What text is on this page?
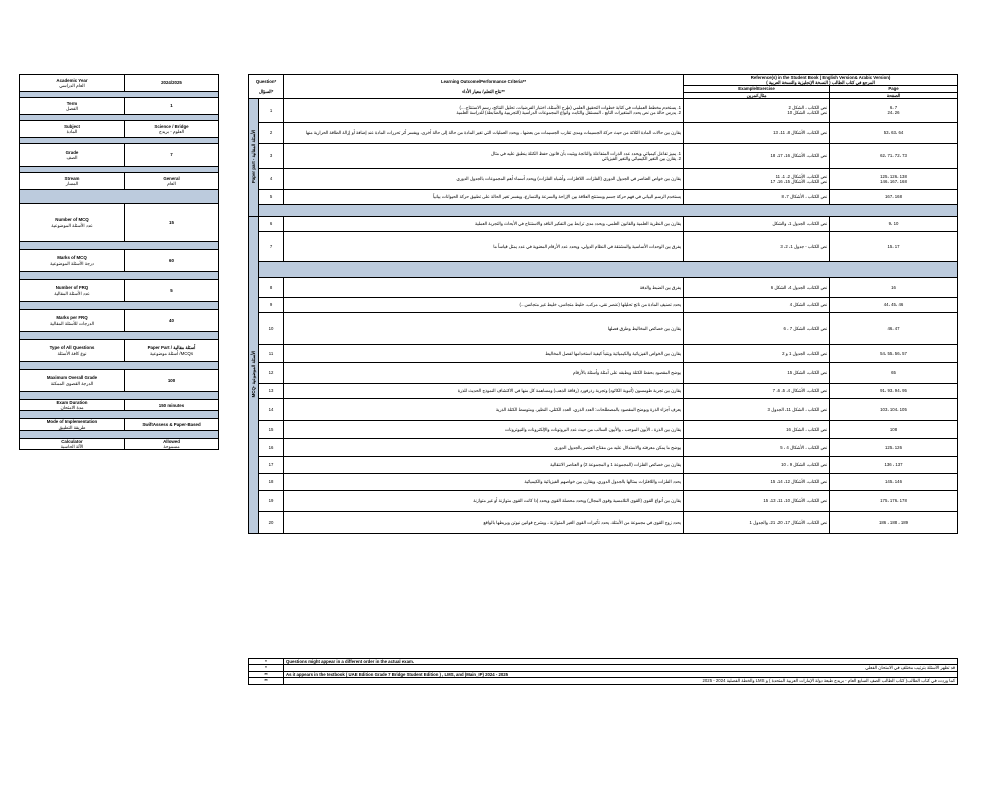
Academic Year
العام الدراسي	2024/2025

Term
الفصل	1

Subject
المادة	Science / Bridge
العلوم - بريدج

Grade
الصف	7

Stream
المسار	General
العام

Number of MCQ
عدد الأسئلة الموضوعية	15

Marks of MCQ
درجة الأسئلة الموضوعية	60

Number of FRQ
عدد الأسئلة المقالية	5

Marks per FRQ
الدرجات للأسئلة المقالية	40

Type of All Questions
نوع كافة الأسئلة	Paper Part / أسئلة مقالية
MCQs/ أسئلة موضوعية

Maximum Overall Grade
الدرجة القصوى الممكنة	100

Exam Duration
مدة الامتحان	150 minutes

Mode of Implementation
طريقة التطبيق	SwiftAssess & Paper-Based

Calculator
الآلة الحاسبة	Allowed
مسموحة
Question*

السؤال*		Learning Outcome/Performance Criteria**

نتاج التعلم/ معيار الأداء**	Reference(s) in the Student Book ( English Version& Arabic Version)
المرجع في كتاب الطالب ( النسخة الإنجليزية والنسخة العربية )	
			Example/Exercise	Page
			مثال/تمرين	الصفحة
Paper part - الأسئلة المقالية	1	1. يستخدم مخطط العمليات في كتابة خطوات التحقيق العلمي (طرح الأسئلة، اختبار الفرضيات، تحليل النتائج، رسم الاستنتاج....)
2. يدرس حالة من نص يحدد المتغيرات التابع ، المستقل والثابت وأنواع المجموعات الدراسية (التجريبية والضابطة) للدراسة العلمية	نص الكتاب ، الشكل 2
نص الكتاب، الشكل 10	6، 7
24، 26
	2	يقارن بين حالات المادة الثلاثة من حيث حركة الجسيمات ومدى تقارب الجسيمات من بعضها ، ويحدد العمليات التي تغير المادة من حالة إلى حالة أخرى، ويفسر أثر تحررات المادة عند إضافة أو إزالة الطاقة الحرارية منها	نص الكتاب، الأشكال 8، 11، 13	53، 63، 64
	3	1. يميز تفاعل كيميائي ويحدد عدد الذرات المتفاعلة والناتجة ويثبت بأن قانون حفظ الكتلة ينطبق عليه في مثال
2. يقارن بين التغير الكيميائي والتغير الفيزيائي	نص الكتاب، الأشكال 16، 17، 18	62، 71، 72، 73
	4	يقارن بين خواص العناصر في الجدول الدوري (الفلزات، اللافلزات، وأشباه الفلزات) ويحدد أسماء أهم المجموعات بالجدول الدوري	نص الكتاب، الأشكال 2، 1، 11
نص الكتاب، الأشكال 15، 16، 17	125، 126، 138
146، 167، 168
	5	يستخدم الرسم البياني في فهم حركة جسم ويستنتج العلاقة بين الإزاحة والسرعة والتسارع، ويفسر تغير الحالة على تطبيق حركة الحيوانات بيانياً	نص الكتاب ، الأشكال 7، 8	167، 168

MCQ- الأسئلة الموضوعية	6	يقارن بين النظرية العلمية والقانون العلمي، ويحدد مدى ترابط بين التفكير الناقد والاستنتاج في الأبحاث والتجربة العملية	نص الكتاب، الجدول 1، والشكل	9، 10
	7	يفرق بين الوحدات الأساسية والمشتقة في النظام الدولي، ويحدد عدد الأرقام المعنوية في عدد يمثل قياساً ما	نص الكتاب - جدول 1، 2، 3	15، 17

	8	يفرق بين الضبط والدقة	نص الكتاب، الجدول 4، الشكل 6	16
	9	يحدد تصنيف المادة من ناتج تحليلها (عنصر نقي، مركب، خليط متجانس، خليط غير متجانس...)	نص الكتاب، الشكل 4	44، 45، 46
	10	يقارن بين خصائص المخاليط وطرق فصلها	نص الكتاب، الشكل 7 ، 6	46، 47
	11	يقارن بين الخواص الفيزيائية والكيميائية ويتنبأ كيفية استخدامها لفصل المخاليط	نص الكتاب، الجدول 1 و 2	54، 55، 56، 57
	12	يوضح المقصود بحفظ الكتلة ويطبقه على أمثلة وأسئلة بالأرقام	نص الكتاب، الشكل 15	65
	13	يقارن بين تجربة طومسون (أنبوبة الكاثود) وتجربة رذرفورد (رقاقة الذهب) ومساهمة كل منها في الاكتشاف النموذج الحديث للذرة	نص الكتاب، الأشكال 4، 5، 6، 7	91، 93، 94، 95
	14	يعرف أجزاء الذرة ويوضح المقصود بالمصطلحات: العدد الذري، العدد الكتلي، النظير، ومتوسط الكتلة الذرية	نص الكتاب ، الشكل 11، الجدول 3	103، 104، 105
	15	يقارن بين الذرة ، الأيون الموجب ، والأيون السالب من حيث عدد البروتونات والإلكترونات والنيوترونات	نص الكتاب ، الشكل 16	108
	16	يوضح ما يمكن معرفته والاستدلال عليه من مفتاح العنصر بالجدول الدوري	نص الكتاب ، الأشكال 4 ، 5	125، 126
	17	يقارن بين خصائص الفلزات (المجموعة 1 و المجموعة 2) و العناصر الانتقالية	نص الكتاب، الشكل 9 ، 10	136 ، 137
	18	يحدد الفلزات واللافلزات بمثالها بالجدول الدوري، ويقارن بين خواصهم الفيزيائية والكيميائية	نص الكتاب، الأشكال 12، 14، 15	145، 146
	19	يقارن بين أنواع القوى (القوى التلامسية وقوى المجال) ويحدد محصلة القوى ويحدد إذا كانت القوى متوازنة أو غير متوازنة	نص الكتاب، الأشكال 10، 11، 13، 15	175، 176، 178
	20	يحدد زوج القوى في مجموعة من الأمثلة، يحدد تأثيرات القوى الغير المتوازنة ، ويشرح قوانين نيوتن ويربطها بالواقع	نص الكتاب، الأشكال 17، 20، 21، والجدول 1	186 ، 188 ، 189
*	Questions might appear in a different order in the actual exam.
*	قد تظهر الأسئلة بترتيب مختلف في الامتحان الفعلي
**	As it appears in the textbook ( UAE Edition Grade 7 Bridge Student Edition ) , LMS, and (Main_IP) 2024 - 2025
**	كما وردت في كتاب الطالب( كتاب الطالب الصف السابع العام - بريدج طبعة دولة الإمارات العربية المتحدة ) و LMS والخطة الفصلية 2024 - 2025
